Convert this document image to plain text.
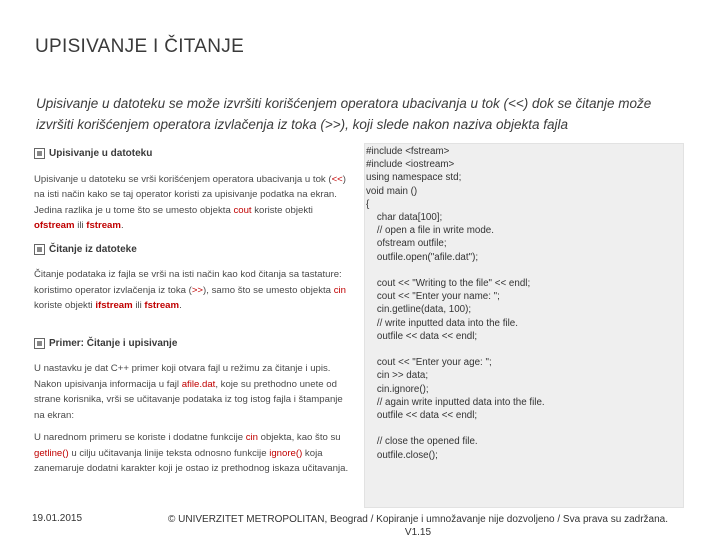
UPISIVANJE I ČITANJE
Upisivanje u datoteku se može izvršiti korišćenjem operatora ubacivanja u tok (<<) dok se čitanje može izvršiti korišćenjem operatora izvlačenja iz toka (>>), koji slede nakon naziva objekta fajla

Upisivanje u datoteku

Upisivanje u datoteku se vrši korišćenjem operatora ubacivanja u tok (<<) na isti način kako se taj operator koristi za upisivanje podatka na ekran. Jedina razlika je u tome što se umesto objekta cout koriste objekti ofstream ili fstream.

Čitanje iz datoteke

Čitanje podataka iz fajla se vrši na isti način kao kod čitanja sa tastature: koristimo operator izvlačenja iz toka (>>), samo što se umesto objekta cin koriste objekti ifstream ili fstream.

Primer: Čitanje i upisivanje

U nastavku je dat C++ primer koji otvara fajl u režimu za čitanje i upis. Nakon upisivanja informacija u fajl afile.dat, koje su prethodno unete od strane korisnika, vrši se učitavanje podataka iz tog istog fajla i štampanje na ekran:

U narednom primeru se koriste i dodatne funkcije cin objekta, kao što su getline() u cilju učitavanja linije teksta odnosno funkcije ignore() koja zanemaruje dodatni karakter koji je ostao iz prethodnog iskaza učitavanja.

#include <fstream>
#include <iostream>
using namespace std;
void main ()
{
char data[100];
// open a file in write mode.
ofstream outfile;
outfile.open("afile.dat");

cout << "Writing to the file" << endl;
cout << "Enter your name: ";
cin.getline(data, 100);
// write inputted data into the file.
outfile << data << endl;

cout << "Enter your age: ";
cin >> data;
cin.ignore();
// again write inputted data into the file.
outfile << data << endl;

// close the opened file.
outfile.close();
19.01.2015	© UNIVERZITET METROPOLITAN, Beograd / Kopiranje i umnožavanje nije dozvoljeno / Sva prava su zadržana.
V1.15
